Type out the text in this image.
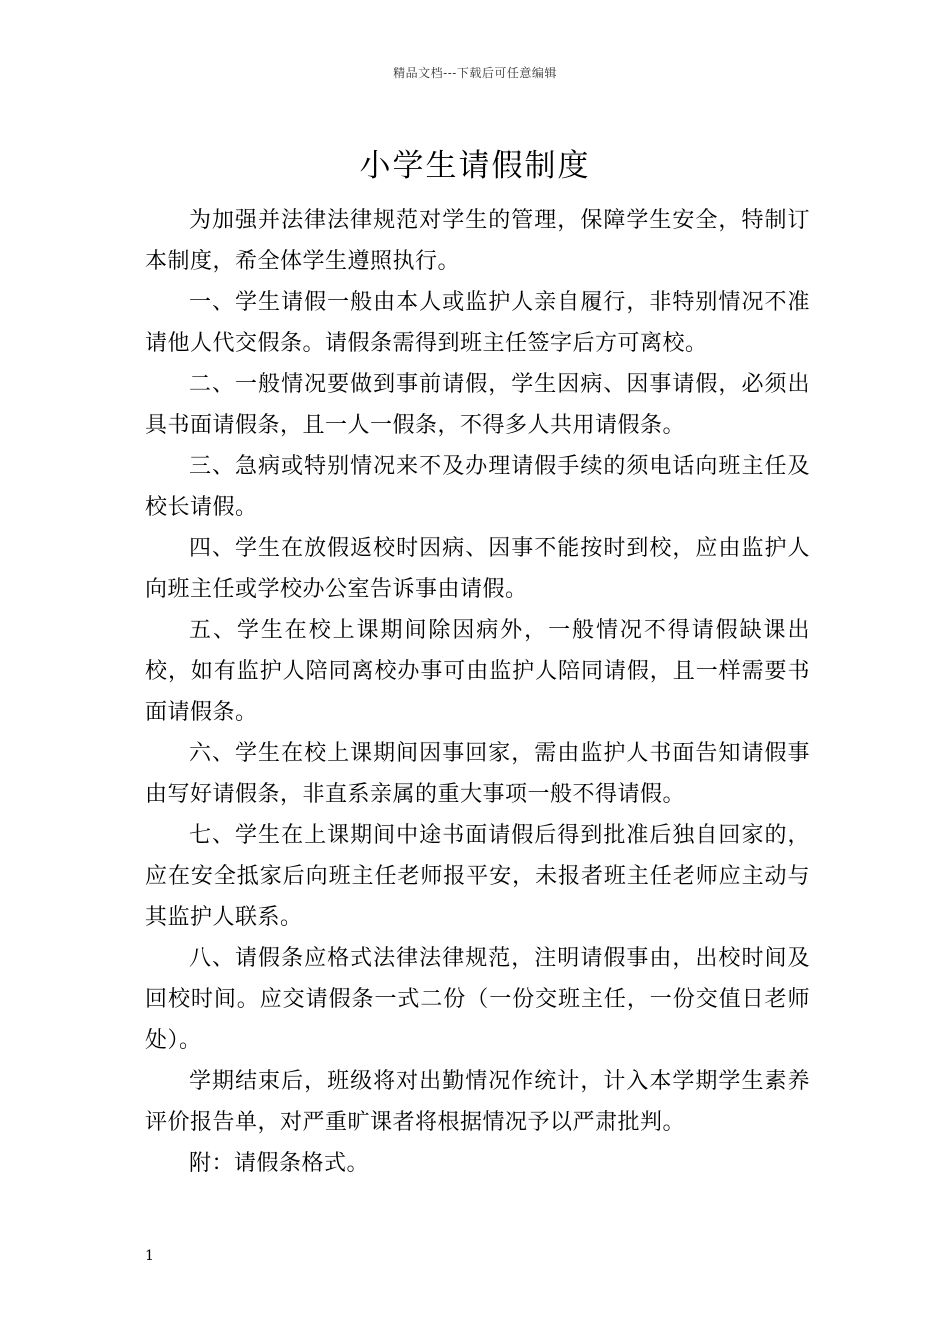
精品文档---下载后可任意编辑
小学生请假制度

为加强并法律法律规范对学生的管理，保障学生安全，特制订本制度，希全体学生遵照执行。

一、学生请假一般由本人或监护人亲自履行，非特别情况不准请他人代交假条。请假条需得到班主任签字后方可离校。

二、一般情况要做到事前请假，学生因病、因事请假，必须出具书面请假条，且一人一假条，不得多人共用请假条。

三、急病或特别情况来不及办理请假手续的须电话向班主任及校长请假。

四、学生在放假返校时因病、因事不能按时到校，应由监护人向班主任或学校办公室告诉事由请假。

五、学生在校上课期间除因病外，一般情况不得请假缺课出校，如有监护人陪同离校办事可由监护人陪同请假，且一样需要书面请假条。

六、学生在校上课期间因事回家，需由监护人书面告知请假事由写好请假条，非直系亲属的重大事项一般不得请假。

七、学生在上课期间中途书面请假后得到批准后独自回家的，应在安全抵家后向班主任老师报平安，未报者班主任老师应主动与其监护人联系。

八、请假条应格式法律法律规范，注明请假事由，出校时间及回校时间。应交请假条一式二份（一份交班主任，一份交值日老师处）。

学期结束后，班级将对出勤情况作统计，计入本学期学生素养评价报告单，对严重旷课者将根据情况予以严肃批判。

附：请假条格式。

1
